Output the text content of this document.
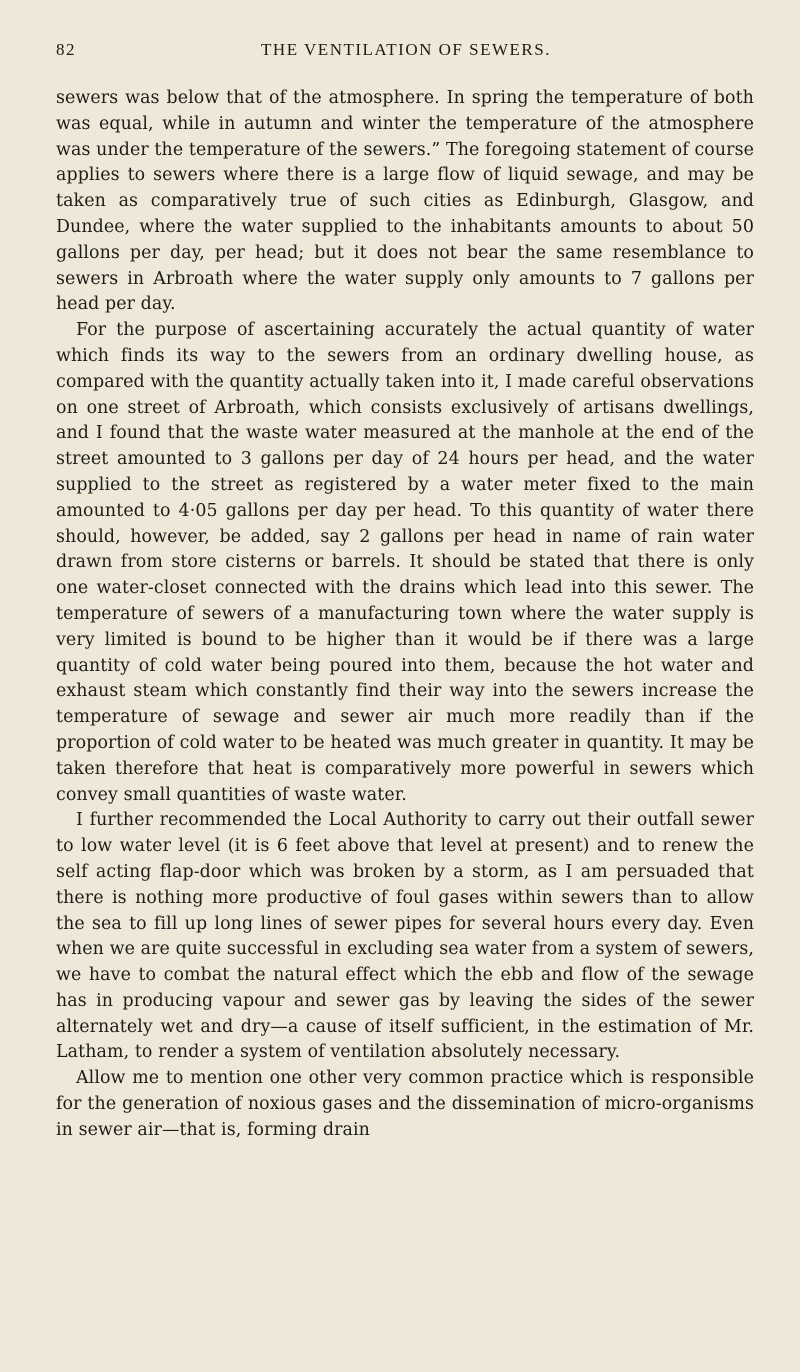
82	THE VENTILATION OF SEWERS.

sewers was below that of the atmosphere. In spring the temperature of both was equal, while in autumn and winter the temperature of the atmosphere was under the temperature of the sewers.” The foregoing statement of course applies to sewers where there is a large flow of liquid sewage, and may be taken as comparatively true of such cities as Edinburgh, Glasgow, and Dundee, where the water supplied to the inhabitants amounts to about 50 gallons per day, per head; but it does not bear the same resemblance to sewers in Arbroath where the water supply only amounts to 7 gallons per head per day.

For the purpose of ascertaining accurately the actual quantity of water which finds its way to the sewers from an ordinary dwelling house, as compared with the quantity actually taken into it, I made careful observations on one street of Arbroath, which consists exclusively of artisans dwellings, and I found that the waste water measured at the manhole at the end of the street amounted to 3 gallons per day of 24 hours per head, and the water supplied to the street as registered by a water meter fixed to the main amounted to 4·05 gallons per day per head. To this quantity of water there should, however, be added, say 2 gallons per head in name of rain water drawn from store cisterns or barrels. It should be stated that there is only one water-closet connected with the drains which lead into this sewer. The temperature of sewers of a manufacturing town where the water supply is very limited is bound to be higher than it would be if there was a large quantity of cold water being poured into them, because the hot water and exhaust steam which constantly find their way into the sewers increase the temperature of sewage and sewer air much more readily than if the proportion of cold water to be heated was much greater in quantity. It may be taken therefore that heat is comparatively more powerful in sewers which convey small quantities of waste water.

I further recommended the Local Authority to carry out their outfall sewer to low water level (it is 6 feet above that level at present) and to renew the self acting flap-door which was broken by a storm, as I am persuaded that there is nothing more productive of foul gases within sewers than to allow the sea to fill up long lines of sewer pipes for several hours every day. Even when we are quite successful in excluding sea water from a system of sewers, we have to combat the natural effect which the ebb and flow of the sewage has in producing vapour and sewer gas by leaving the sides of the sewer alternately wet and dry—a cause of itself sufficient, in the estimation of Mr. Latham, to render a system of ventilation absolutely necessary.

Allow me to mention one other very common practice which is responsible for the generation of noxious gases and the dissemination of micro-organisms in sewer air—that is, forming drain
